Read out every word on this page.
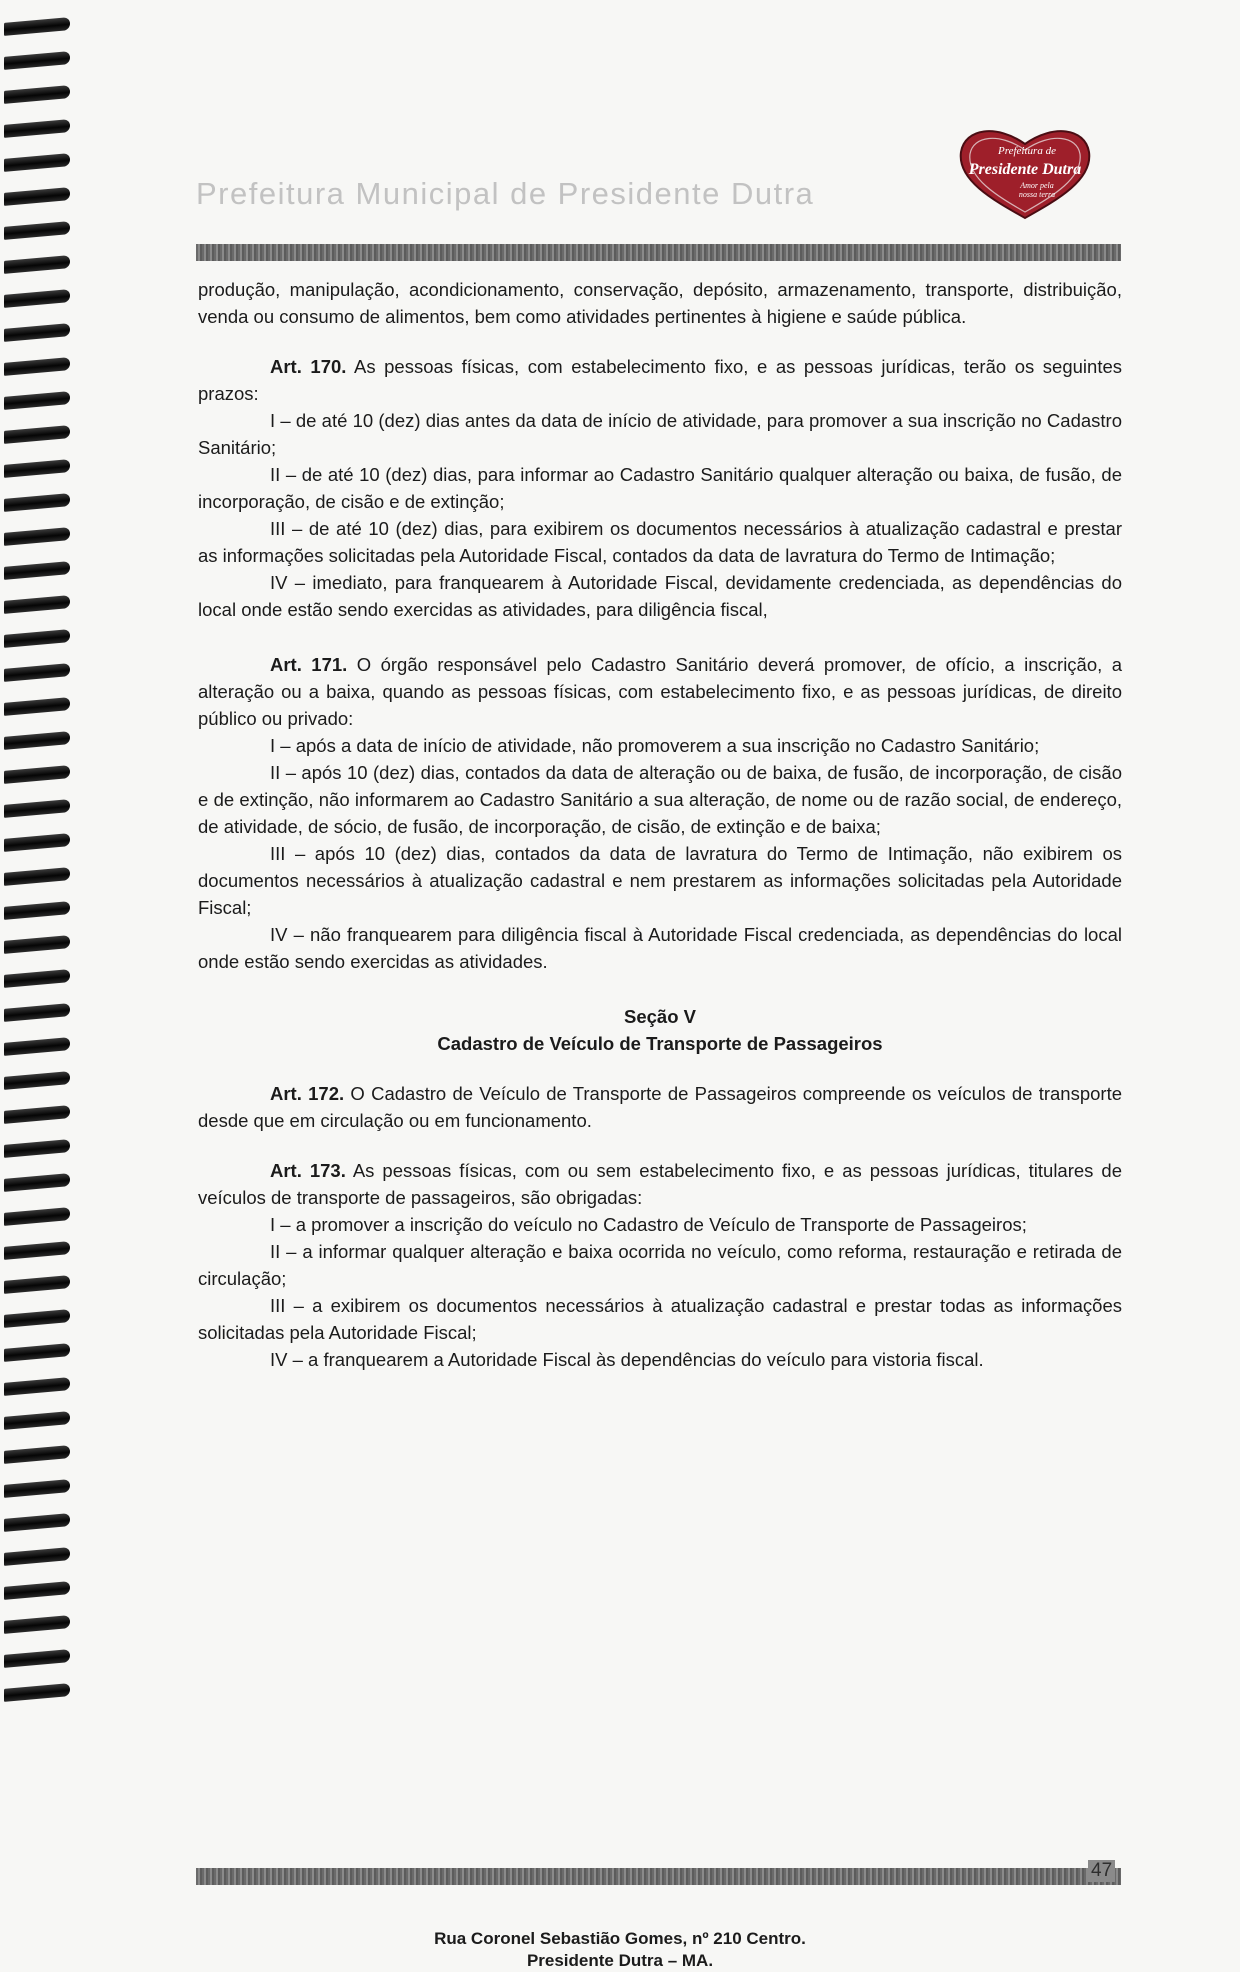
Prefeitura Municipal de Presidente Dutra
Prefeitura de
Presidente Dutra
Amor pela
nossa terra

produção, manipulação, acondicionamento, conservação, depósito, armazenamento, transporte, distribuição, venda ou consumo de alimentos, bem como atividades pertinentes à higiene e saúde pública.

Art. 170. As pessoas físicas, com estabelecimento fixo, e as pessoas jurídicas, terão os seguintes prazos:

I – de até 10 (dez) dias antes da data de início de atividade, para promover a sua inscrição no Cadastro Sanitário;

II – de até 10 (dez) dias, para informar ao Cadastro Sanitário qualquer alteração ou baixa, de fusão, de incorporação, de cisão e de extinção;

III – de até 10 (dez) dias, para exibirem os documentos necessários à atualização cadastral e prestar as informações solicitadas pela Autoridade Fiscal, contados da data de lavratura do Termo de Intimação;

IV – imediato, para franquearem à Autoridade Fiscal, devidamente credenciada, as dependências do local onde estão sendo exercidas as atividades, para diligência fiscal,

Art. 171. O órgão responsável pelo Cadastro Sanitário deverá promover, de ofício, a inscrição, a alteração ou a baixa, quando as pessoas físicas, com estabelecimento fixo, e as pessoas jurídicas, de direito público ou privado:

I – após a data de início de atividade, não promoverem a sua inscrição no Cadastro Sanitário;

II – após 10 (dez) dias, contados da data de alteração ou de baixa, de fusão, de incorporação, de cisão e de extinção, não informarem ao Cadastro Sanitário a sua alteração, de nome ou de razão social, de endereço, de atividade, de sócio, de fusão, de incorporação, de cisão, de extinção e de baixa;

III – após 10 (dez) dias, contados da data de lavratura do Termo de Intimação, não exibirem os documentos necessários à atualização cadastral e nem prestarem as informações solicitadas pela Autoridade Fiscal;

IV – não franquearem para diligência fiscal à Autoridade Fiscal credenciada, as dependências do local onde estão sendo exercidas as atividades.

Seção V

Cadastro de Veículo de Transporte de Passageiros

Art. 172. O Cadastro de Veículo de Transporte de Passageiros compreende os veículos de transporte desde que em circulação ou em funcionamento.

Art. 173. As pessoas físicas, com ou sem estabelecimento fixo, e as pessoas jurídicas, titulares de veículos de transporte de passageiros, são obrigadas:

I – a promover a inscrição do veículo no Cadastro de Veículo de Transporte de Passageiros;

II – a informar qualquer alteração e baixa ocorrida no veículo, como reforma, restauração e retirada de circulação;

III – a exibirem os documentos necessários à atualização cadastral e prestar todas as informações solicitadas pela Autoridade Fiscal;

IV – a franquearem a Autoridade Fiscal às dependências do veículo para vistoria fiscal.

47

Rua Coronel Sebastião Gomes, nº 210 Centro.

Presidente Dutra – MA.
